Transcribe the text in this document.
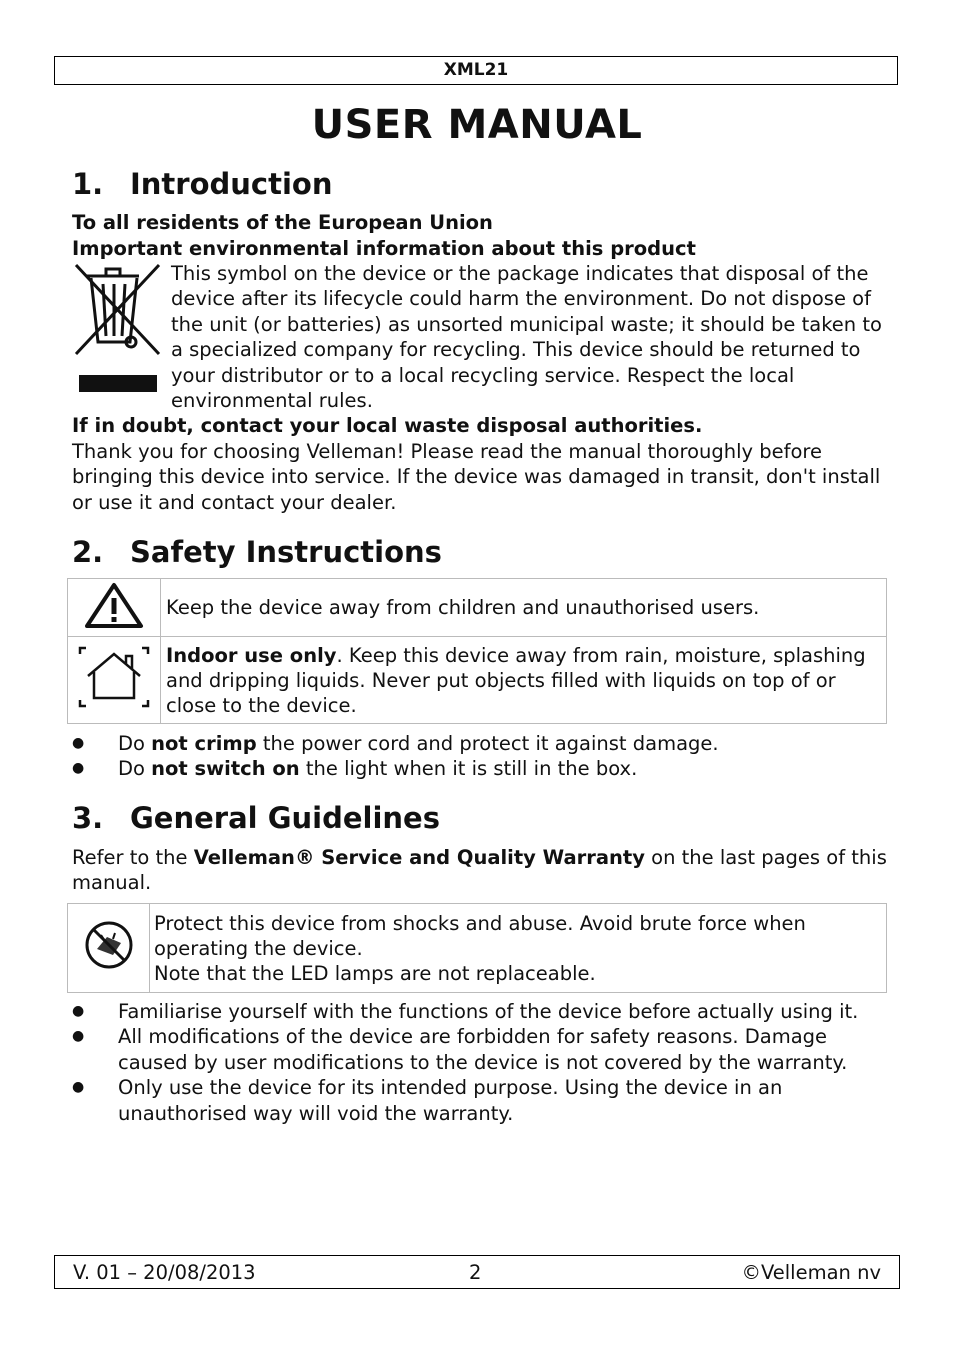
XML21
USER MANUAL
1. Introduction
To all residents of the European Union
Important environmental information about this product
This symbol on the device or the package indicates that disposal of the device after its lifecycle could harm the environment. Do not dispose of the unit (or batteries) as unsorted municipal waste; it should be taken to a specialized company for recycling. This device should be returned to your distributor or to a local recycling service. Respect the local environmental rules.
If in doubt, contact your local waste disposal authorities.
Thank you for choosing Velleman! Please read the manual thoroughly before bringing this device into service. If the device was damaged in transit, don't install or use it and contact your dealer.
2. Safety Instructions
	Keep the device away from children and unauthorised users.
	Indoor use only. Keep this device away from rain, moisture, splashing and dripping liquids. Never put objects filled with liquids on top of or close to the device.
● Do not crimp the power cord and protect it against damage.
● Do not switch on the light when it is still in the box.
3. General Guidelines
Refer to the Velleman® Service and Quality Warranty on the last pages of this manual.

Protect this device from shocks and abuse. Avoid brute force when operating the device.
Note that the LED lamps are not replaceable.
● Familiarise yourself with the functions of the device before actually using it.
● All modifications of the device are forbidden for safety reasons. Damage caused by user modifications to the device is not covered by the warranty.
● Only use the device for its intended purpose. Using the device in an unauthorised way will void the warranty.
V. 01 – 20/08/2013	2	©Velleman nv
